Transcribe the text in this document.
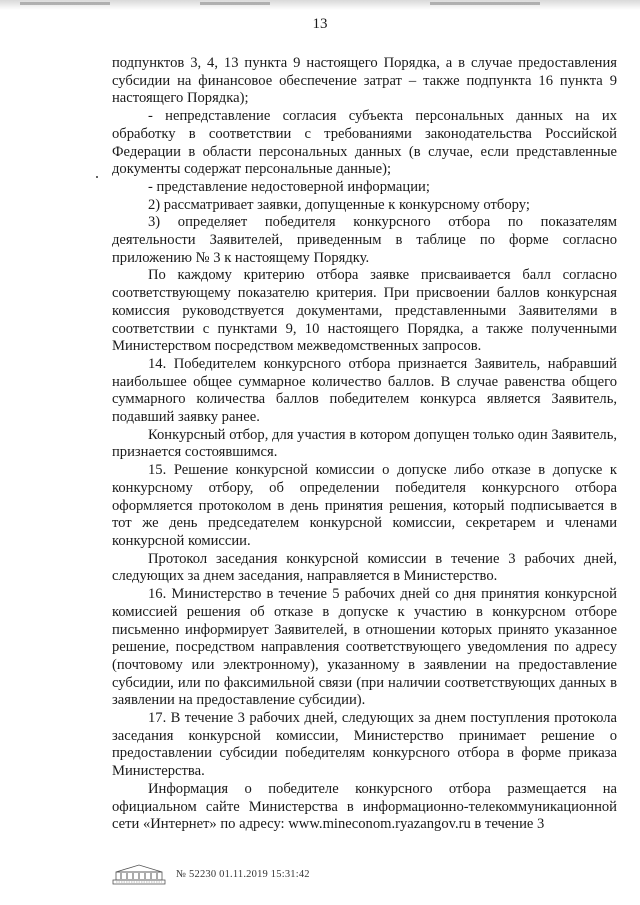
13

подпунктов 3, 4, 13 пункта 9 настоящего Порядка, а в случае предоставления субсидии на финансовое обеспечение затрат – также подпункта 16 пункта 9 настоящего Порядка);

- непредставление согласия субъекта персональных данных на их обработку в соответствии с требованиями законодательства Российской Федерации в области персональных данных (в случае, если представленные документы содержат персональные данные);

- представление недостоверной информации;

2) рассматривает заявки, допущенные к конкурсному отбору;

3) определяет победителя конкурсного отбора по показателям деятельности Заявителей, приведенным в таблице по форме согласно приложению № 3 к настоящему Порядку.

По каждому критерию отбора заявке присваивается балл согласно соответствующему показателю критерия. При присвоении баллов конкурсная комиссия руководствуется документами, представленными Заявителями в соответствии с пунктами 9, 10 настоящего Порядка, а также полученными Министерством посредством межведомственных запросов.

14. Победителем конкурсного отбора признается Заявитель, набравший наибольшее общее суммарное количество баллов. В случае равенства общего суммарного количества баллов победителем конкурса является Заявитель, подавший заявку ранее.

Конкурсный отбор, для участия в котором допущен только один Заявитель, признается состоявшимся.

15. Решение конкурсной комиссии о допуске либо отказе в допуске к конкурсному отбору, об определении победителя конкурсного отбора оформляется протоколом в день принятия решения, который подписывается в тот же день председателем конкурсной комиссии, секретарем и членами конкурсной комиссии.

Протокол заседания конкурсной комиссии в течение 3 рабочих дней, следующих за днем заседания, направляется в Министерство.

16. Министерство в течение 5 рабочих дней со дня принятия конкурсной комиссией решения об отказе в допуске к участию в конкурсном отборе письменно информирует Заявителей, в отношении которых принято указанное решение, посредством направления соответствующего уведомления по адресу (почтовому или электронному), указанному в заявлении на предоставление субсидии, или по факсимильной связи (при наличии соответствующих данных в заявлении на предоставление субсидии).

17. В течение 3 рабочих дней, следующих за днем поступления протокола заседания конкурсной комиссии, Министерство принимает решение о предоставлении субсидии победителям конкурсного отбора в форме приказа Министерства.

Информация о победителе конкурсного отбора размещается на официальном сайте Министерства в информационно-телекоммуникационной сети «Интернет» по адресу: www.mineconom.ryazangov.ru в течение 3

№ 52230 01.11.2019 15:31:42
